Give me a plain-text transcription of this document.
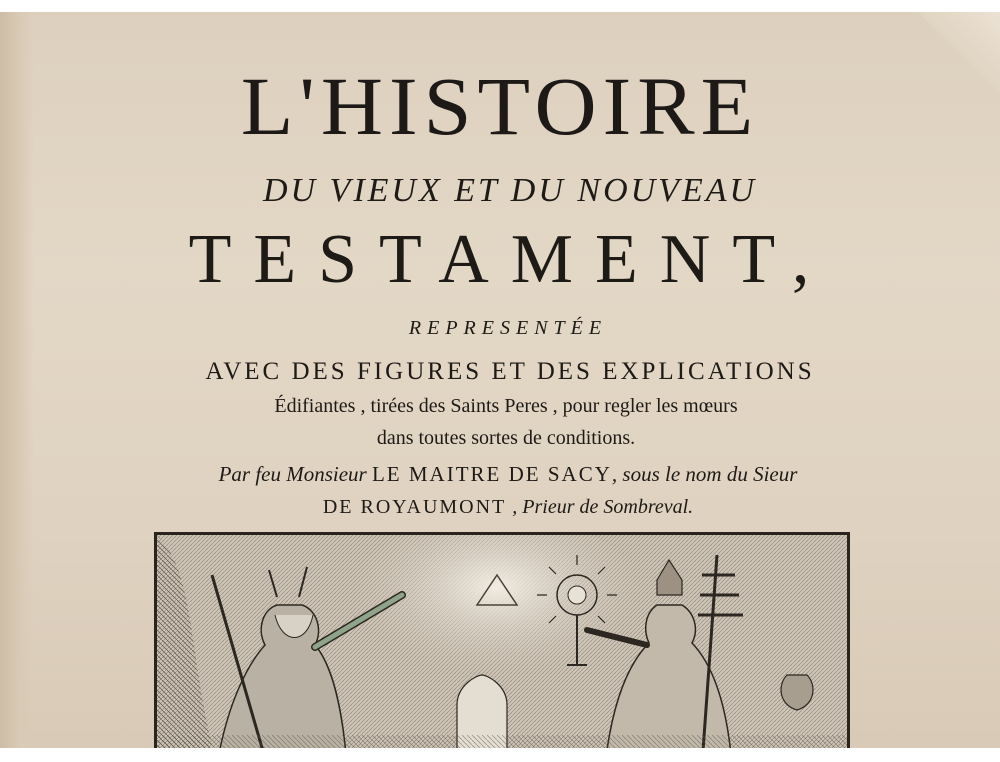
L'HISTOIRE
DU VIEUX ET DU NOUVEAU
TESTAMENT,
REPRESENTÉE
AVEC DES FIGURES ET DES EXPLICATIONS
Édifiantes , tirées des Saints Peres , pour regler les mœurs
dans toutes sortes de conditions.
Par feu Monsieur LE MAITRE DE SACY, sous le nom du Sieur
DE ROYAUMONT , Prieur de Sombreval.
